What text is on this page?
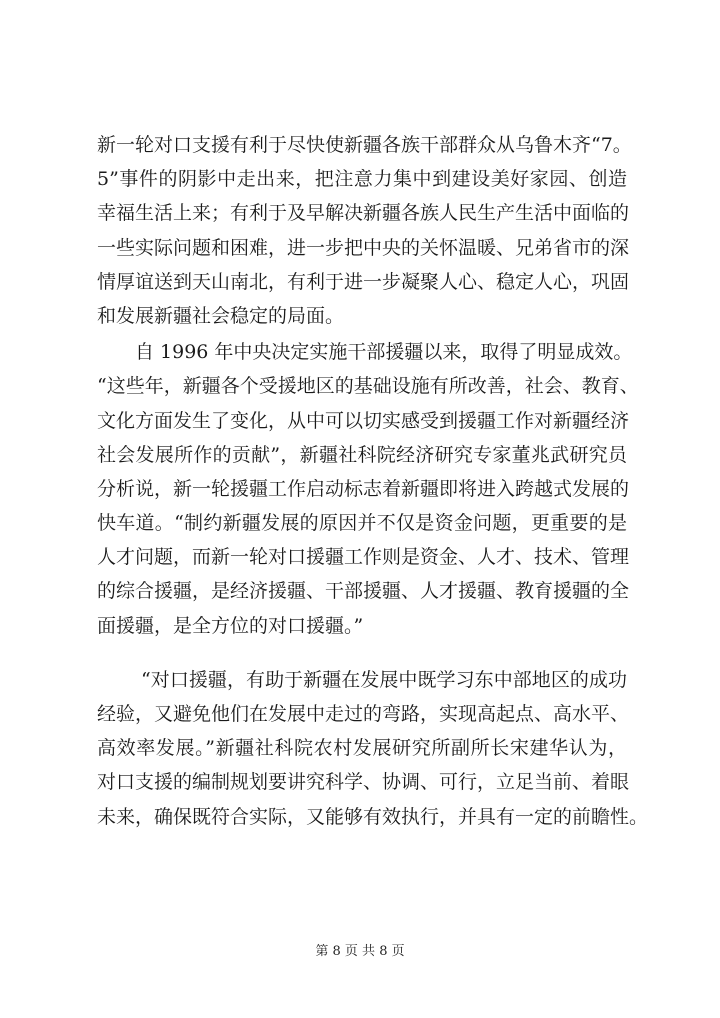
新一轮对口支援有利于尽快使新疆各族干部群众从乌鲁木齐“7。
5”事件的阴影中走出来，把注意力集中到建设美好家园、创造
幸福生活上来；有利于及早解决新疆各族人民生产生活中面临的
一些实际问题和困难，进一步把中央的关怀温暖、兄弟省市的深
情厚谊送到天山南北，有利于进一步凝聚人心、稳定人心，巩固
和发展新疆社会稳定的局面。
自 1996 年中央决定实施干部援疆以来，取得了明显成效。
“这些年，新疆各个受援地区的基础设施有所改善，社会、教育、
文化方面发生了变化，从中可以切实感受到援疆工作对新疆经济
社会发展所作的贡献”，新疆社科院经济研究专家董兆武研究员
分析说，新一轮援疆工作启动标志着新疆即将进入跨越式发展的
快车道。“制约新疆发展的原因并不仅是资金问题，更重要的是
人才问题，而新一轮对口援疆工作则是资金、人才、技术、管理
的综合援疆，是经济援疆、干部援疆、人才援疆、教育援疆的全
面援疆，是全方位的对口援疆。”
“对口援疆，有助于新疆在发展中既学习东中部地区的成功
经验，又避免他们在发展中走过的弯路，实现高起点、高水平、
高效率发展。”新疆社科院农村发展研究所副所长宋建华认为，
对口支援的编制规划要讲究科学、协调、可行，立足当前、着眼
未来，确保既符合实际，又能够有效执行，并具有一定的前瞻性。
第 8 页 共 8 页
